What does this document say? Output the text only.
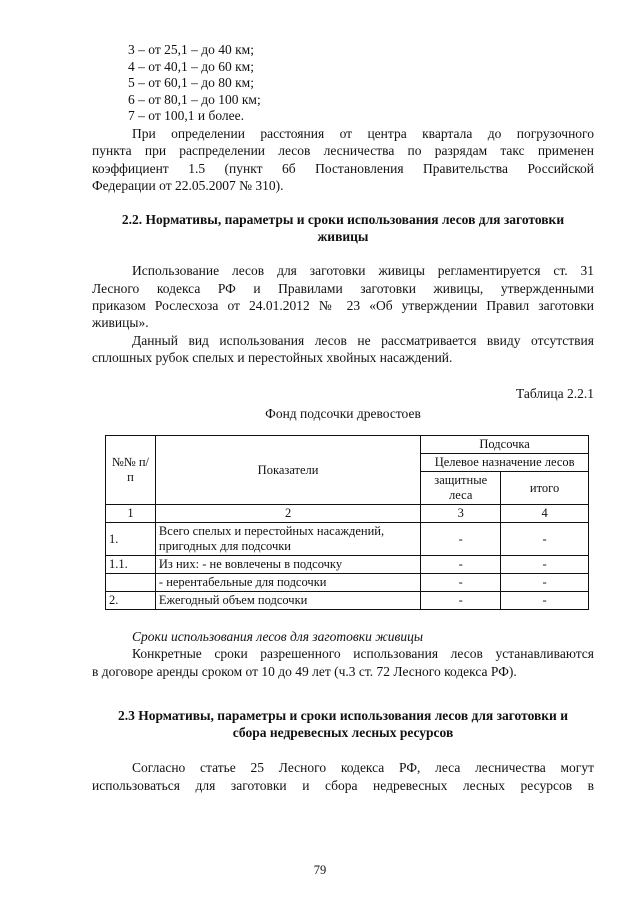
3 – от 25,1 – до 40 км;

4 – от 40,1 – до 60 км;

5 – от 60,1 – до 80 км;

6 – от 80,1 – до 100 км;

7 – от 100,1 и более.

При определении расстояния от центра квартала до погрузочного

пункта при распределении лесов лесничества по разрядам такс применен

коэффициент 1.5 (пункт 6б Постановления Правительства Российской

Федерации от 22.05.2007 № 310).

2.2. Нормативы, параметры и сроки использования лесов для заготовки

живицы

Использование лесов для заготовки живицы регламентируется ст. 31

Лесного кодекса РФ и Правилами заготовки живицы, утвержденными

приказом Рослесхоза от 24.01.2012 № 23 «Об утверждении Правил заготовки

живицы».

Данный вид использования лесов не рассматривается ввиду отсутствия

сплошных рубок спелых и перестойных хвойных насаждений.

Таблица 2.2.1

Фонд подсочки древостоев

№№ п/п	Показатели	Подсочка	
		Целевое назначение лесов	
		защитные леса	итого
1	2	3	4
1.	Всего спелых и перестойных насаждений, пригодных для подсочки	-	-
1.1.	Из них: - не вовлечены в подсочку	-	-
	- нерентабельные для подсочки	-	-
2.	Ежегодный объем подсочки	-	-

Сроки использования лесов для заготовки живицы

Конкретные сроки разрешенного использования лесов устанавливаются

в договоре аренды сроком от 10 до 49 лет (ч.3 ст. 72 Лесного кодекса РФ).

2.3 Нормативы, параметры и сроки использования лесов для заготовки и

сбора недревесных лесных ресурсов

Согласно статье 25 Лесного кодекса РФ, леса лесничества могут

использоваться для заготовки и сбора недревесных лесных ресурсов в

79
